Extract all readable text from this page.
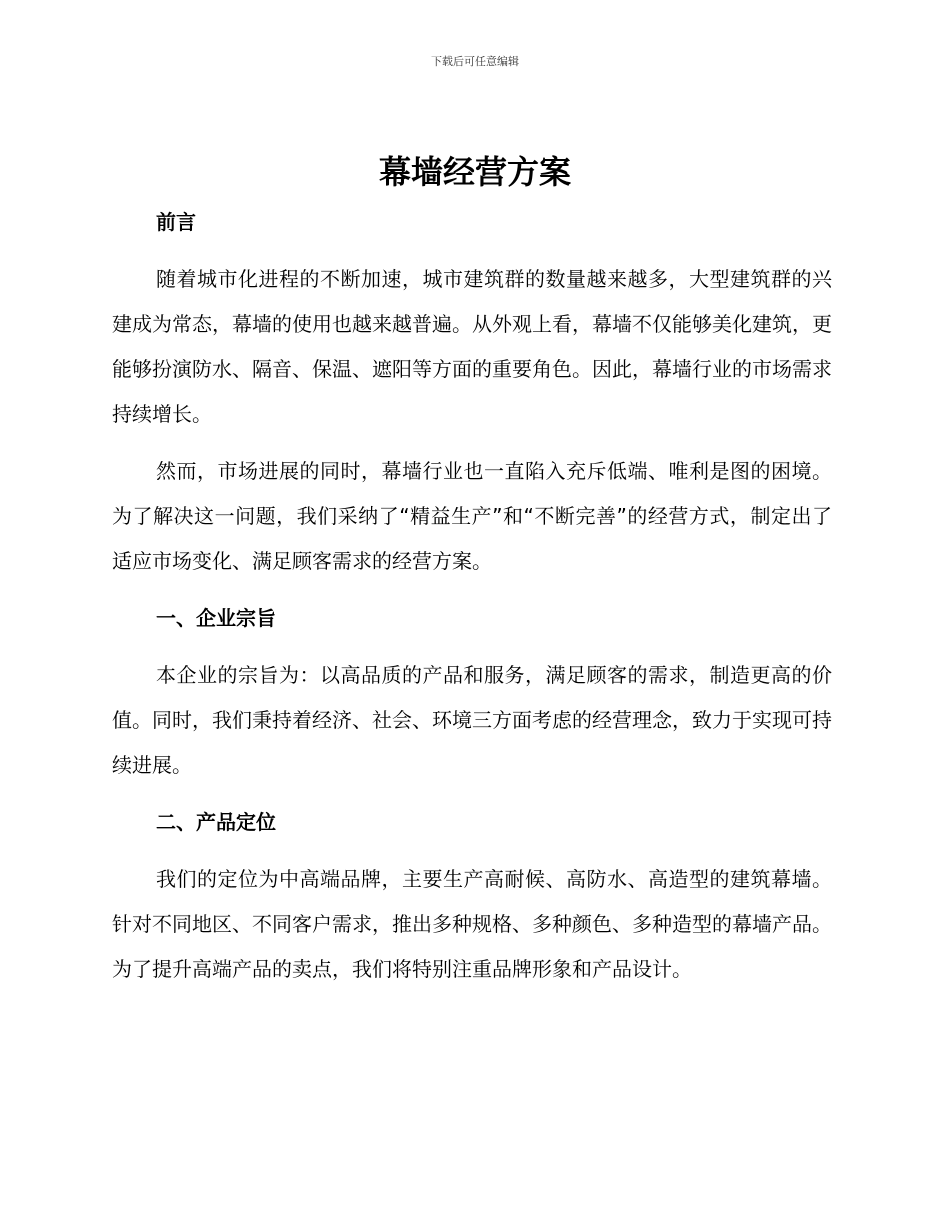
下载后可任意编辑
幕墙经营方案

前言

随着城市化进程的不断加速，城市建筑群的数量越来越多，大型建筑群的兴建成为常态，幕墙的使用也越来越普遍。从外观上看，幕墙不仅能够美化建筑，更能够扮演防水、隔音、保温、遮阳等方面的重要角色。因此，幕墙行业的市场需求持续增长。

然而，市场进展的同时，幕墙行业也一直陷入充斥低端、唯利是图的困境。为了解决这一问题，我们采纳了“精益生产”和“不断完善”的经营方式，制定出了适应市场变化、满足顾客需求的经营方案。

一、企业宗旨

本企业的宗旨为：以高品质的产品和服务，满足顾客的需求，制造更高的价值。同时，我们秉持着经济、社会、环境三方面考虑的经营理念，致力于实现可持续进展。

二、产品定位

我们的定位为中高端品牌，主要生产高耐候、高防水、高造型的建筑幕墙。针对不同地区、不同客户需求，推出多种规格、多种颜色、多种造型的幕墙产品。为了提升高端产品的卖点，我们将特别注重品牌形象和产品设计。
